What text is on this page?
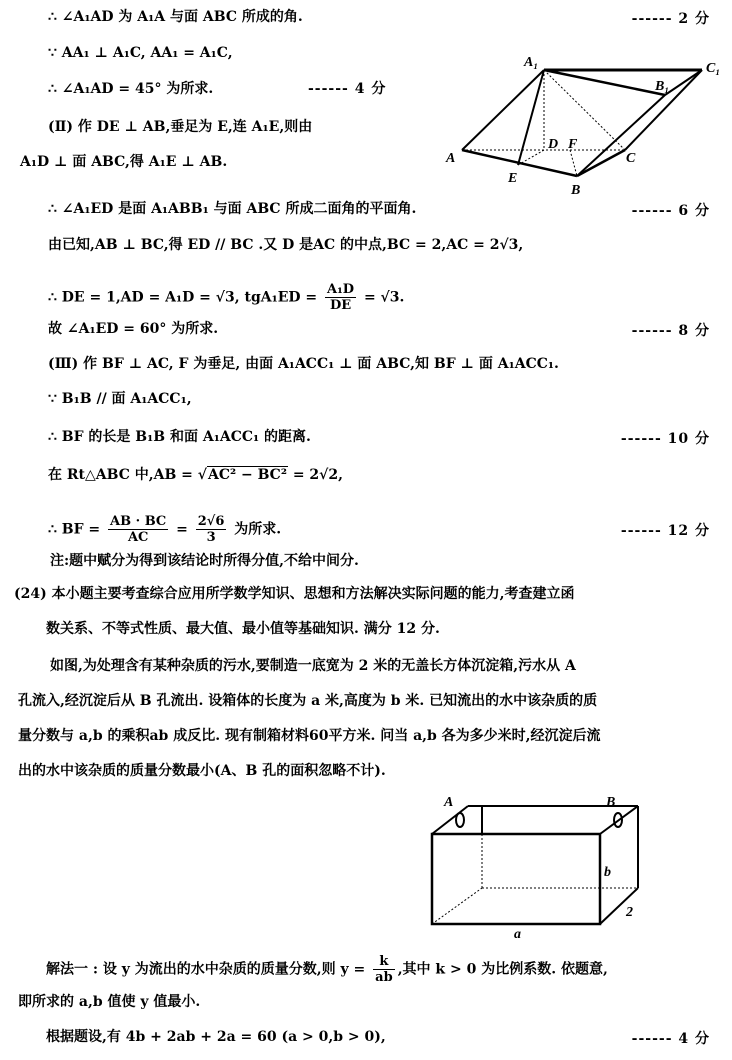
∴ ∠A₁AD 为 A₁A 与面 ABC 所成的角.	------ 2 分
∵ AA₁ ⊥ A₁C, AA₁ = A₁C,
∴ ∠A₁AD = 45° 为所求.	------ 4 分
(Ⅱ) 作 DE ⊥ AB,垂足为 E,连 A₁E,则由
A₁D ⊥ 面 ABC,得 A₁E ⊥ AB.
∴ ∠A₁ED 是面 A₁ABB₁ 与面 ABC 所成二面角的平面角.	------ 6 分
由已知,AB ⊥ BC,得 ED // BC .又 D 是AC 的中点,BC = 2,AC = 2√3,
∴ DE = 1,AD = A₁D = √3, $tgA_1ED = \frac{\text{A₁D}}{DE} = √3$.
故 ∠A₁ED = 60° 为所求.	------ 8 分
(Ⅲ) 作 BF ⊥ AC, F 为垂足, 由面 A₁ACC₁ ⊥ 面 ABC,知 BF ⊥ 面 A₁ACC₁.
∵ B₁B // 面 A₁ACC₁,
∴ BF 的长是 B₁B 和面 A₁ACC₁ 的距离.	------ 10 分
在 Rt△ABC 中,AB = √AC² − BC² = 2√2,
∴ BF = $\frac{AB \cdot BC}{AC} = \frac{2√6}{3}$ 为所求.	------ 12 分
注:题中赋分为得到该结论时所得分值,不给中间分.
(24) 本小题主要考查综合应用所学数学知识、思想和方法解决实际问题的能力,考查建立函
数关系、不等式性质、最大值、最小值等基础知识. 满分 12 分.
如图,为处理含有某种杂质的污水,要制造一底宽为 2 米的无盖长方体沉淀箱,污水从 A
孔流入,经沉淀后从 B 孔流出. 设箱体的长度为 a 米,高度为 b 米. 已知流出的水中该杂质的质
量分数与 a,b 的乘积ab 成反比. 现有制箱材料60平方米. 问当 a,b 各为多少米时,经沉淀后流
出的水中该杂质的质量分数最小(A、B 孔的面积忽略不计).
解法一 : 设 y 为流出的水中杂质的质量分数,则 $y = \frac{k}{ab}$ ,其中 k > 0 为比例系数. 依题意,
即所求的 a,b 值使 y 值最小.
根据题设,有 4b + 2ab + 2a = 60 (a > 0,b > 0),	------ 4 分
A₁	C₁
B₁
A
D F
C
E
B
A	B
b
2
a
